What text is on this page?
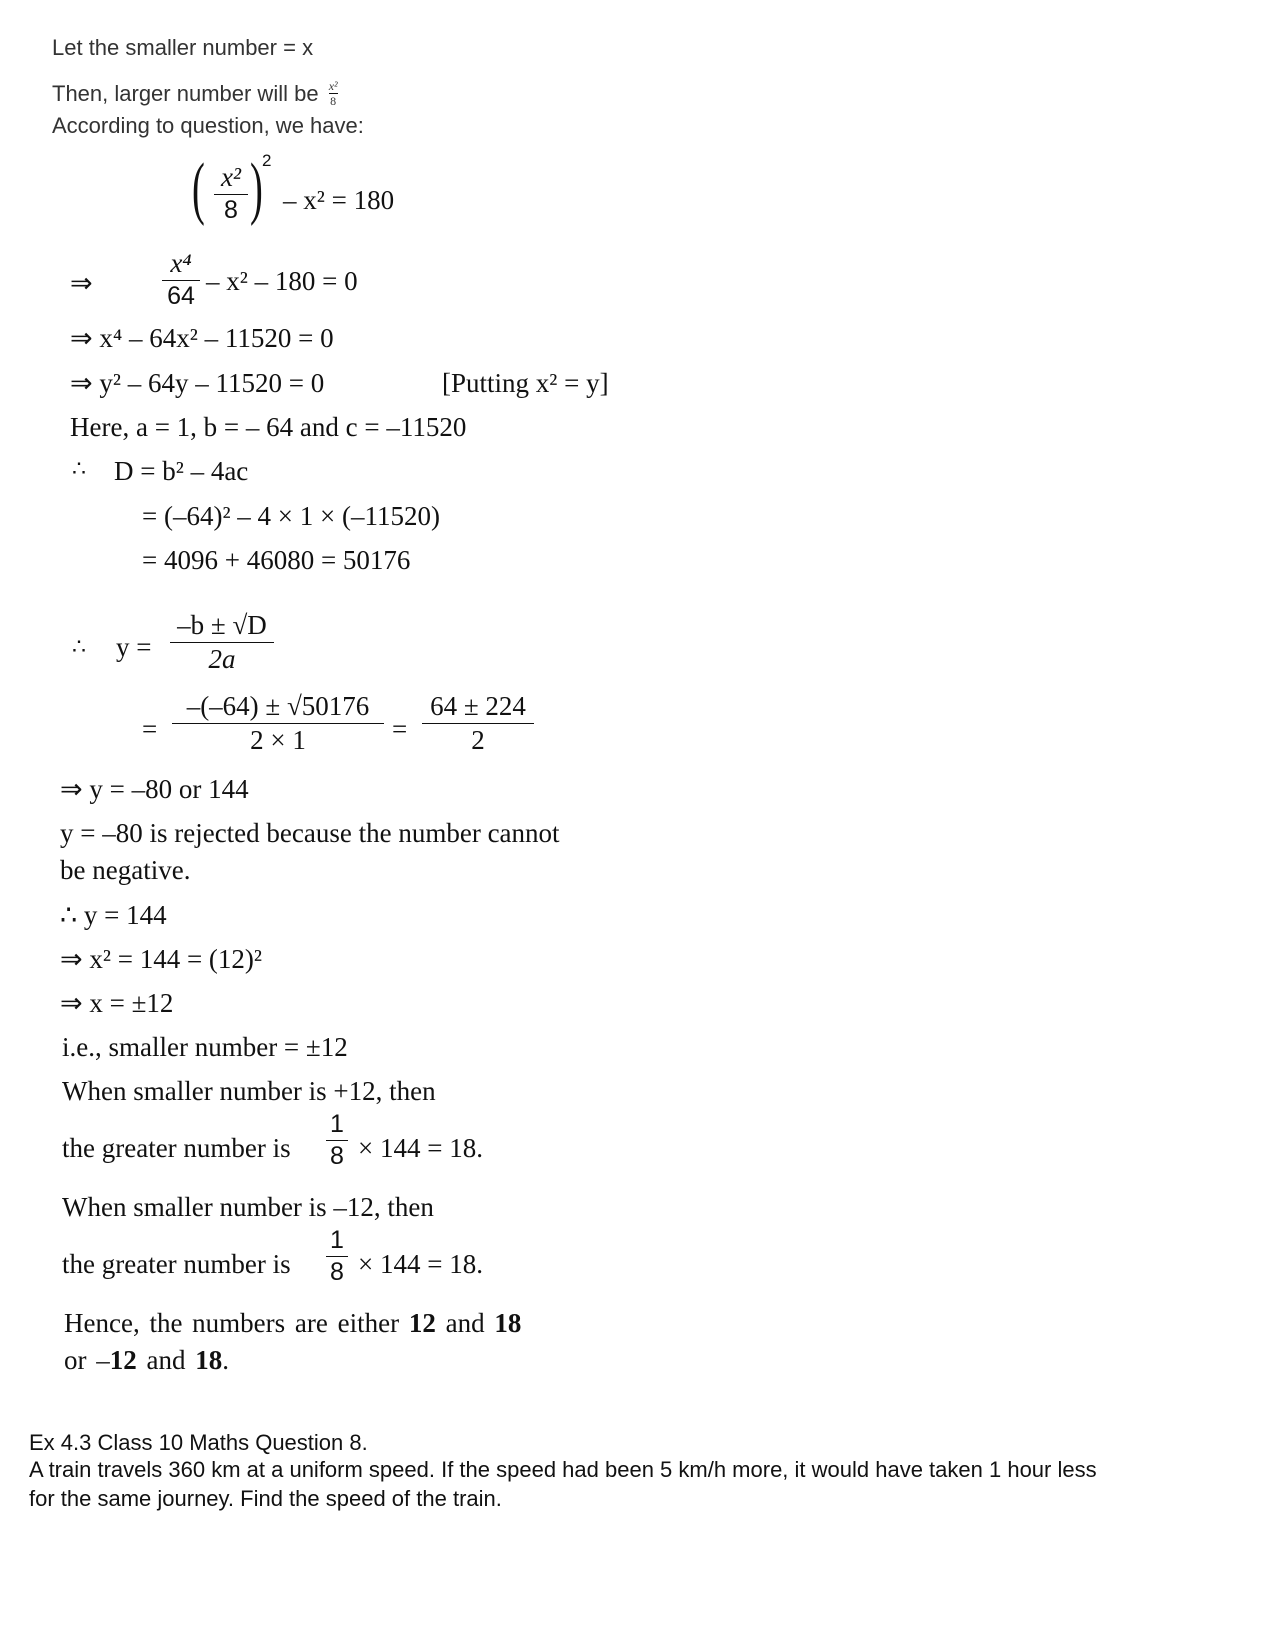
Let the smaller number = x
Then, larger number will be $\frac{\text{x²}}{8}$
According to question, we have:
( x²
8 ) 2
– x² = 180
⇒
x⁴
64 – x² – 180 = 0
⇒ x⁴ – 64x² – 11520 = 0
⇒ y² – 64y – 11520 = 0	[Putting x² = y]
Here, a = 1, b = – 64 and c = –11520
∴ D = b² – 4ac
= (–64)² – 4 × 1 × (–11520)
= 4096 + 46080 = 50176
∴ y =
–b ± √D
2a
=
–(–64) ± √50176
2 × 1	=
64 ± 224
2
⇒ y = –80 or 144
y = –80 is rejected because the number cannot
be negative.
∴ y = 144
⇒ x² = 144 = (12)²
⇒ x = ±12
i.e., smaller number = ±12
When smaller number is +12, then
the greater number is
1
8 × 144 = 18.
When smaller number is –12, then
the greater number is
1
8 × 144 = 18.
Hence, the numbers are either 12 and 18
or –12 and 18.
Ex 4.3 Class 10 Maths Question 8.
A train travels 360 km at a uniform speed. If the speed had been 5 km/h more, it would have taken 1 hour less
for the same journey. Find the speed of the train.
